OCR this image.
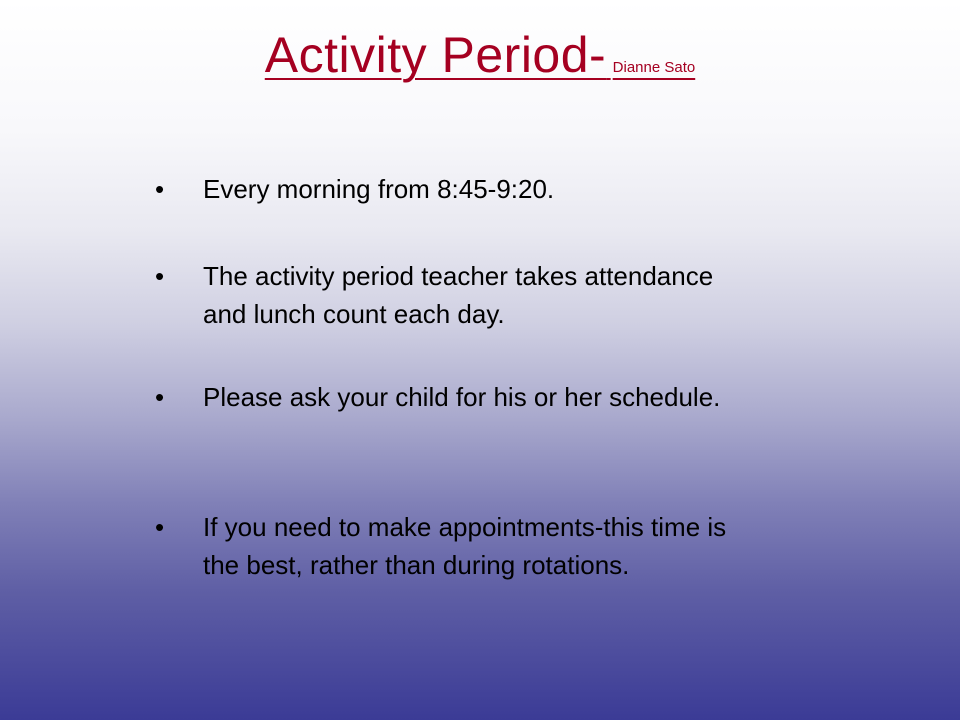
Activity Period- Dianne Sato
•	Every morning from 8:45-9:20.
•	The activity period teacher takes attendance and lunch count each day.
•	Please ask your child for his or her schedule.
•	If you need to make appointments-this time is the best, rather than during rotations.
